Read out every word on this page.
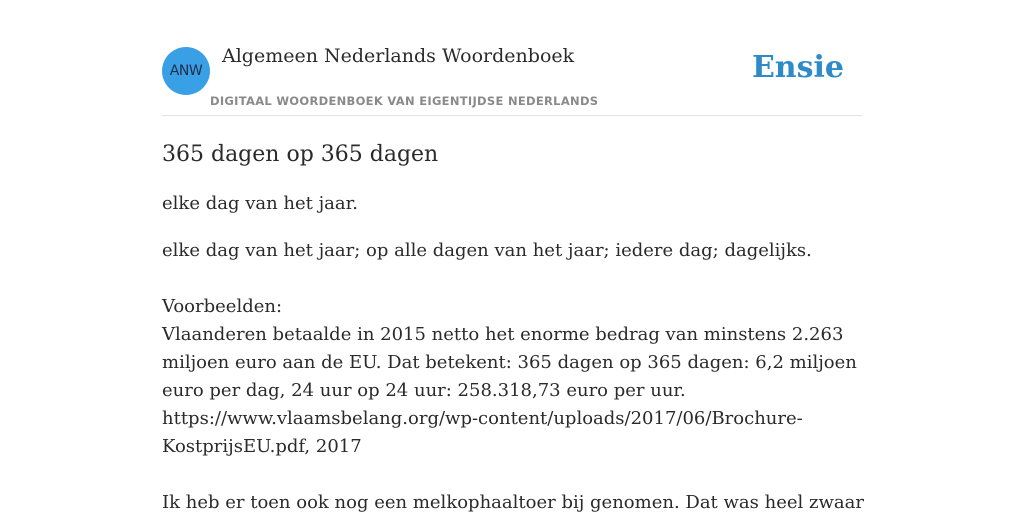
ANW
Algemeen Nederlands Woordenboek
DIGITAAL WOORDENBOEK VAN EIGENTIJDSE NEDERLANDS
Ensie
365 dagen op 365 dagen

elke dag van het jaar.

elke dag van het jaar; op alle dagen van het jaar; iedere dag; dagelijks.

Voorbeelden:

Vlaanderen betaalde in 2015 netto het enorme bedrag van minstens 2.263 miljoen euro aan de EU. Dat betekent: 365 dagen op 365 dagen: 6,2 miljoen euro per dag, 24 uur op 24 uur: 258.318,73 euro per uur.

https://www.vlaamsbelang.org/wp-content/uploads/2017/06/Brochure-KostprijsEU.pdf, 2017

Ik heb er toen ook nog een melkophaaltoer bij genomen. Dat was heel zwaar
